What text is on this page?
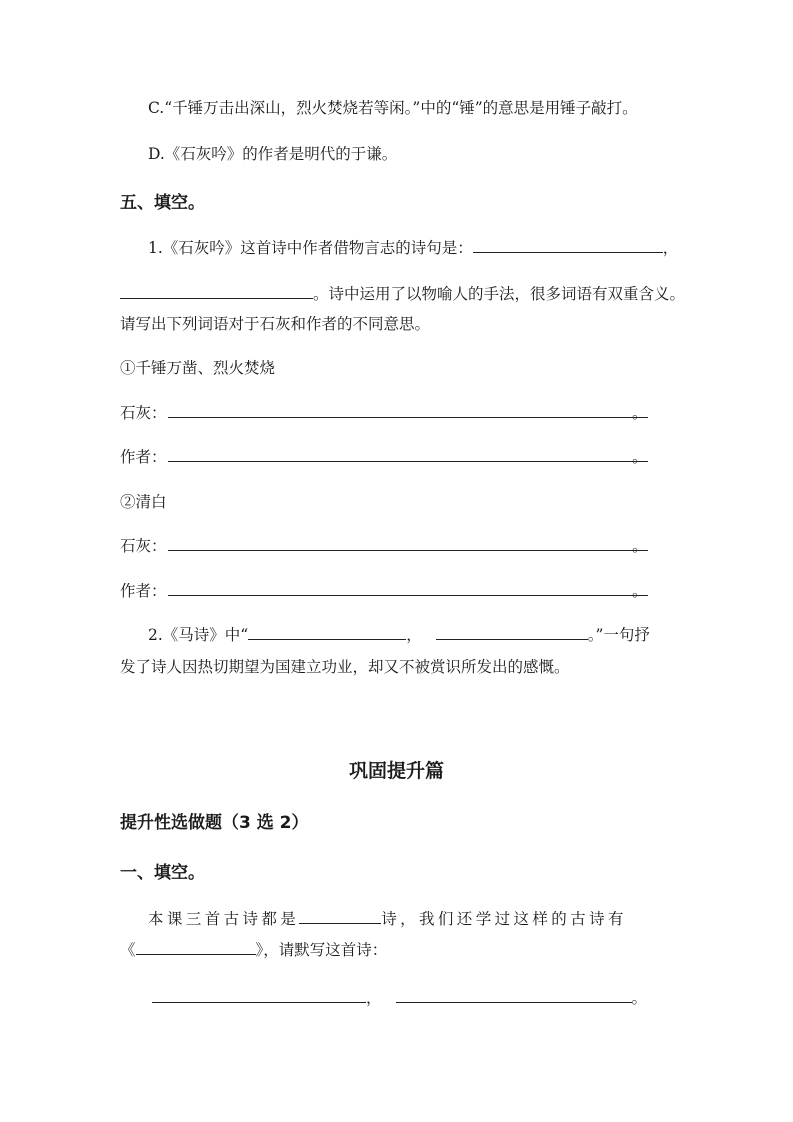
C.“千锤万击出深山，烈火焚烧若等闲。”中的“锤”的意思是用锤子敲打。
D.《石灰吟》的作者是明代的于谦。
五、填空。
1.《石灰吟》这首诗中作者借物言志的诗句是：	，
。诗中运用了以物喻人的手法，很多词语有双重含义。
请写出下列词语对于石灰和作者的不同意思。
①千锤万凿、烈火焚烧
石灰：	。
作者：	。
②清白
石灰：	。
作者：	。
2.《马诗》中“	，	。”一句抒
发了诗人因热切期望为国建立功业，却又不被赏识所发出的感慨。
巩固提升篇
提升性选做题（3 选 2）
一、填空。
本课三首古诗都是	诗，我们还学过这样的古诗有
《	》，请默写这首诗：
，	。
